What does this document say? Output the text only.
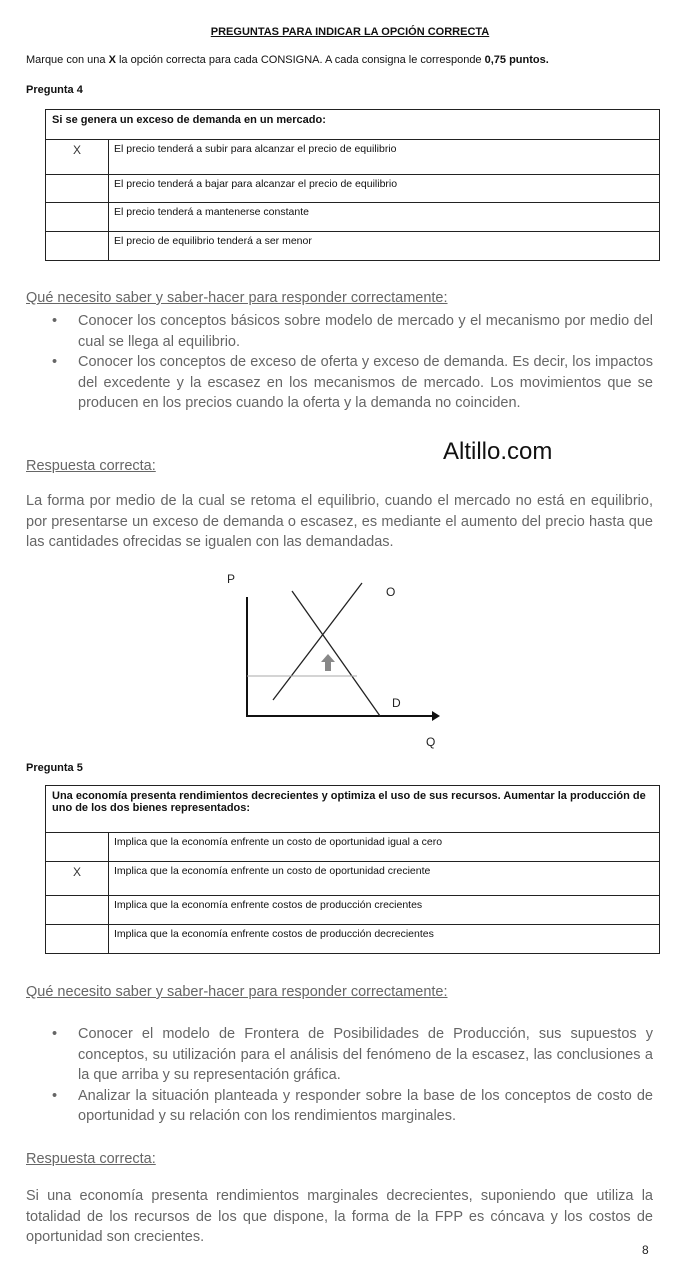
PREGUNTAS PARA INDICAR LA OPCIÓN CORRECTA
Marque con una X la opción correcta para cada CONSIGNA. A cada consigna le corresponde 0,75 puntos.
Pregunta 4
Si se genera un exceso de demanda en un mercado:	
X	El precio tenderá a subir para alcanzar el precio de equilibrio
	El precio tenderá a bajar para alcanzar el precio de equilibrio
	El precio tenderá a mantenerse constante
	El precio de equilibrio tenderá a ser menor
Qué necesito saber y saber-hacer para responder correctamente:
• Conocer los conceptos básicos sobre modelo de mercado y el mecanismo por medio del cual se llega al equilibrio.
• Conocer los conceptos de exceso de oferta y exceso de demanda. Es decir, los impactos del excedente y la escasez en los mecanismos de mercado. Los movimientos que se producen en los precios cuando la oferta y la demanda no coinciden.
Altillo.com
Respuesta correcta:

La forma por medio de la cual se retoma el equilibrio, cuando el mercado no está en equilibrio, por presentarse un exceso de demanda o escasez, es mediante el aumento del precio hasta que las cantidades ofrecidas se igualen con las demandadas.

P
O
D
Q
Pregunta 5
Una economía presenta rendimientos decrecientes y optimiza el uso de sus recursos. Aumentar la producción de uno de los dos bienes representados:	
	Implica que la economía enfrente un costo de oportunidad igual a cero
X	Implica que la economía enfrente un costo de oportunidad creciente
	Implica que la economía enfrente costos de producción crecientes
	Implica que la economía enfrente costos de producción decrecientes
Qué necesito saber y saber-hacer para responder correctamente:
• Conocer el modelo de Frontera de Posibilidades de Producción, sus supuestos y conceptos, su utilización para el análisis del fenómeno de la escasez, las conclusiones a la que arriba y su representación gráfica.
• Analizar la situación planteada y responder sobre la base de los conceptos de costo de oportunidad y su relación con los rendimientos marginales.
Respuesta correcta:

Si una economía presenta rendimientos marginales decrecientes, suponiendo que utiliza la totalidad de los recursos de los que dispone, la forma de la FPP es cóncava y los costos de oportunidad son crecientes.

8
